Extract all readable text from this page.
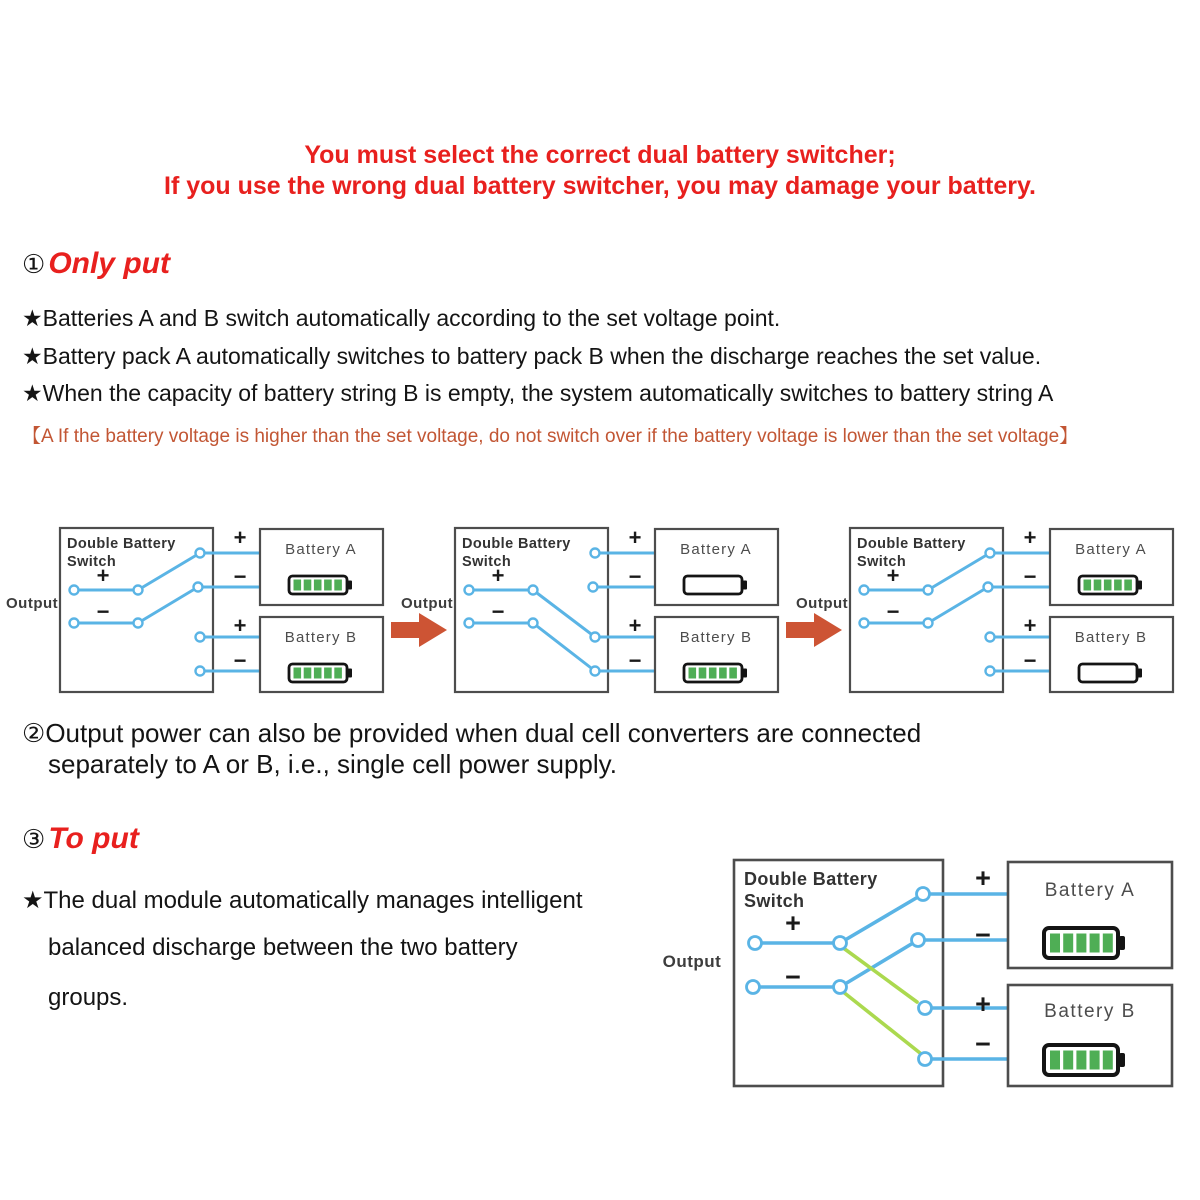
You must select the correct dual battery switcher;
If you use the wrong dual battery switcher, you may damage your battery.
① Only put
★Batteries A and B switch automatically according to the set voltage point.
★Battery pack A automatically switches to battery pack B when the discharge reaches the set value.
★When the capacity of battery string B is empty, the system automatically switches to battery string A
【A If the battery voltage is higher than the set voltage, do not switch over if the battery voltage is lower than the set voltage】
Output
Double Battery
Switch
+
−
+
−
+
−
Battery A
Battery B
Output
Double Battery
Switch
+
−
+
−
+
−
Battery A
Battery B
Output
Double Battery
Switch
+
−
+
−
+
−
Battery A
Battery B
②Output power can also be provided when dual cell converters are connected
separately to A or B, i.e., single cell power supply.
③ To put
★The dual module automatically manages intelligent
balanced discharge between the two battery
groups.
Output
Double Battery
Switch
+
−
+
−
+
−
Battery A
Battery B
